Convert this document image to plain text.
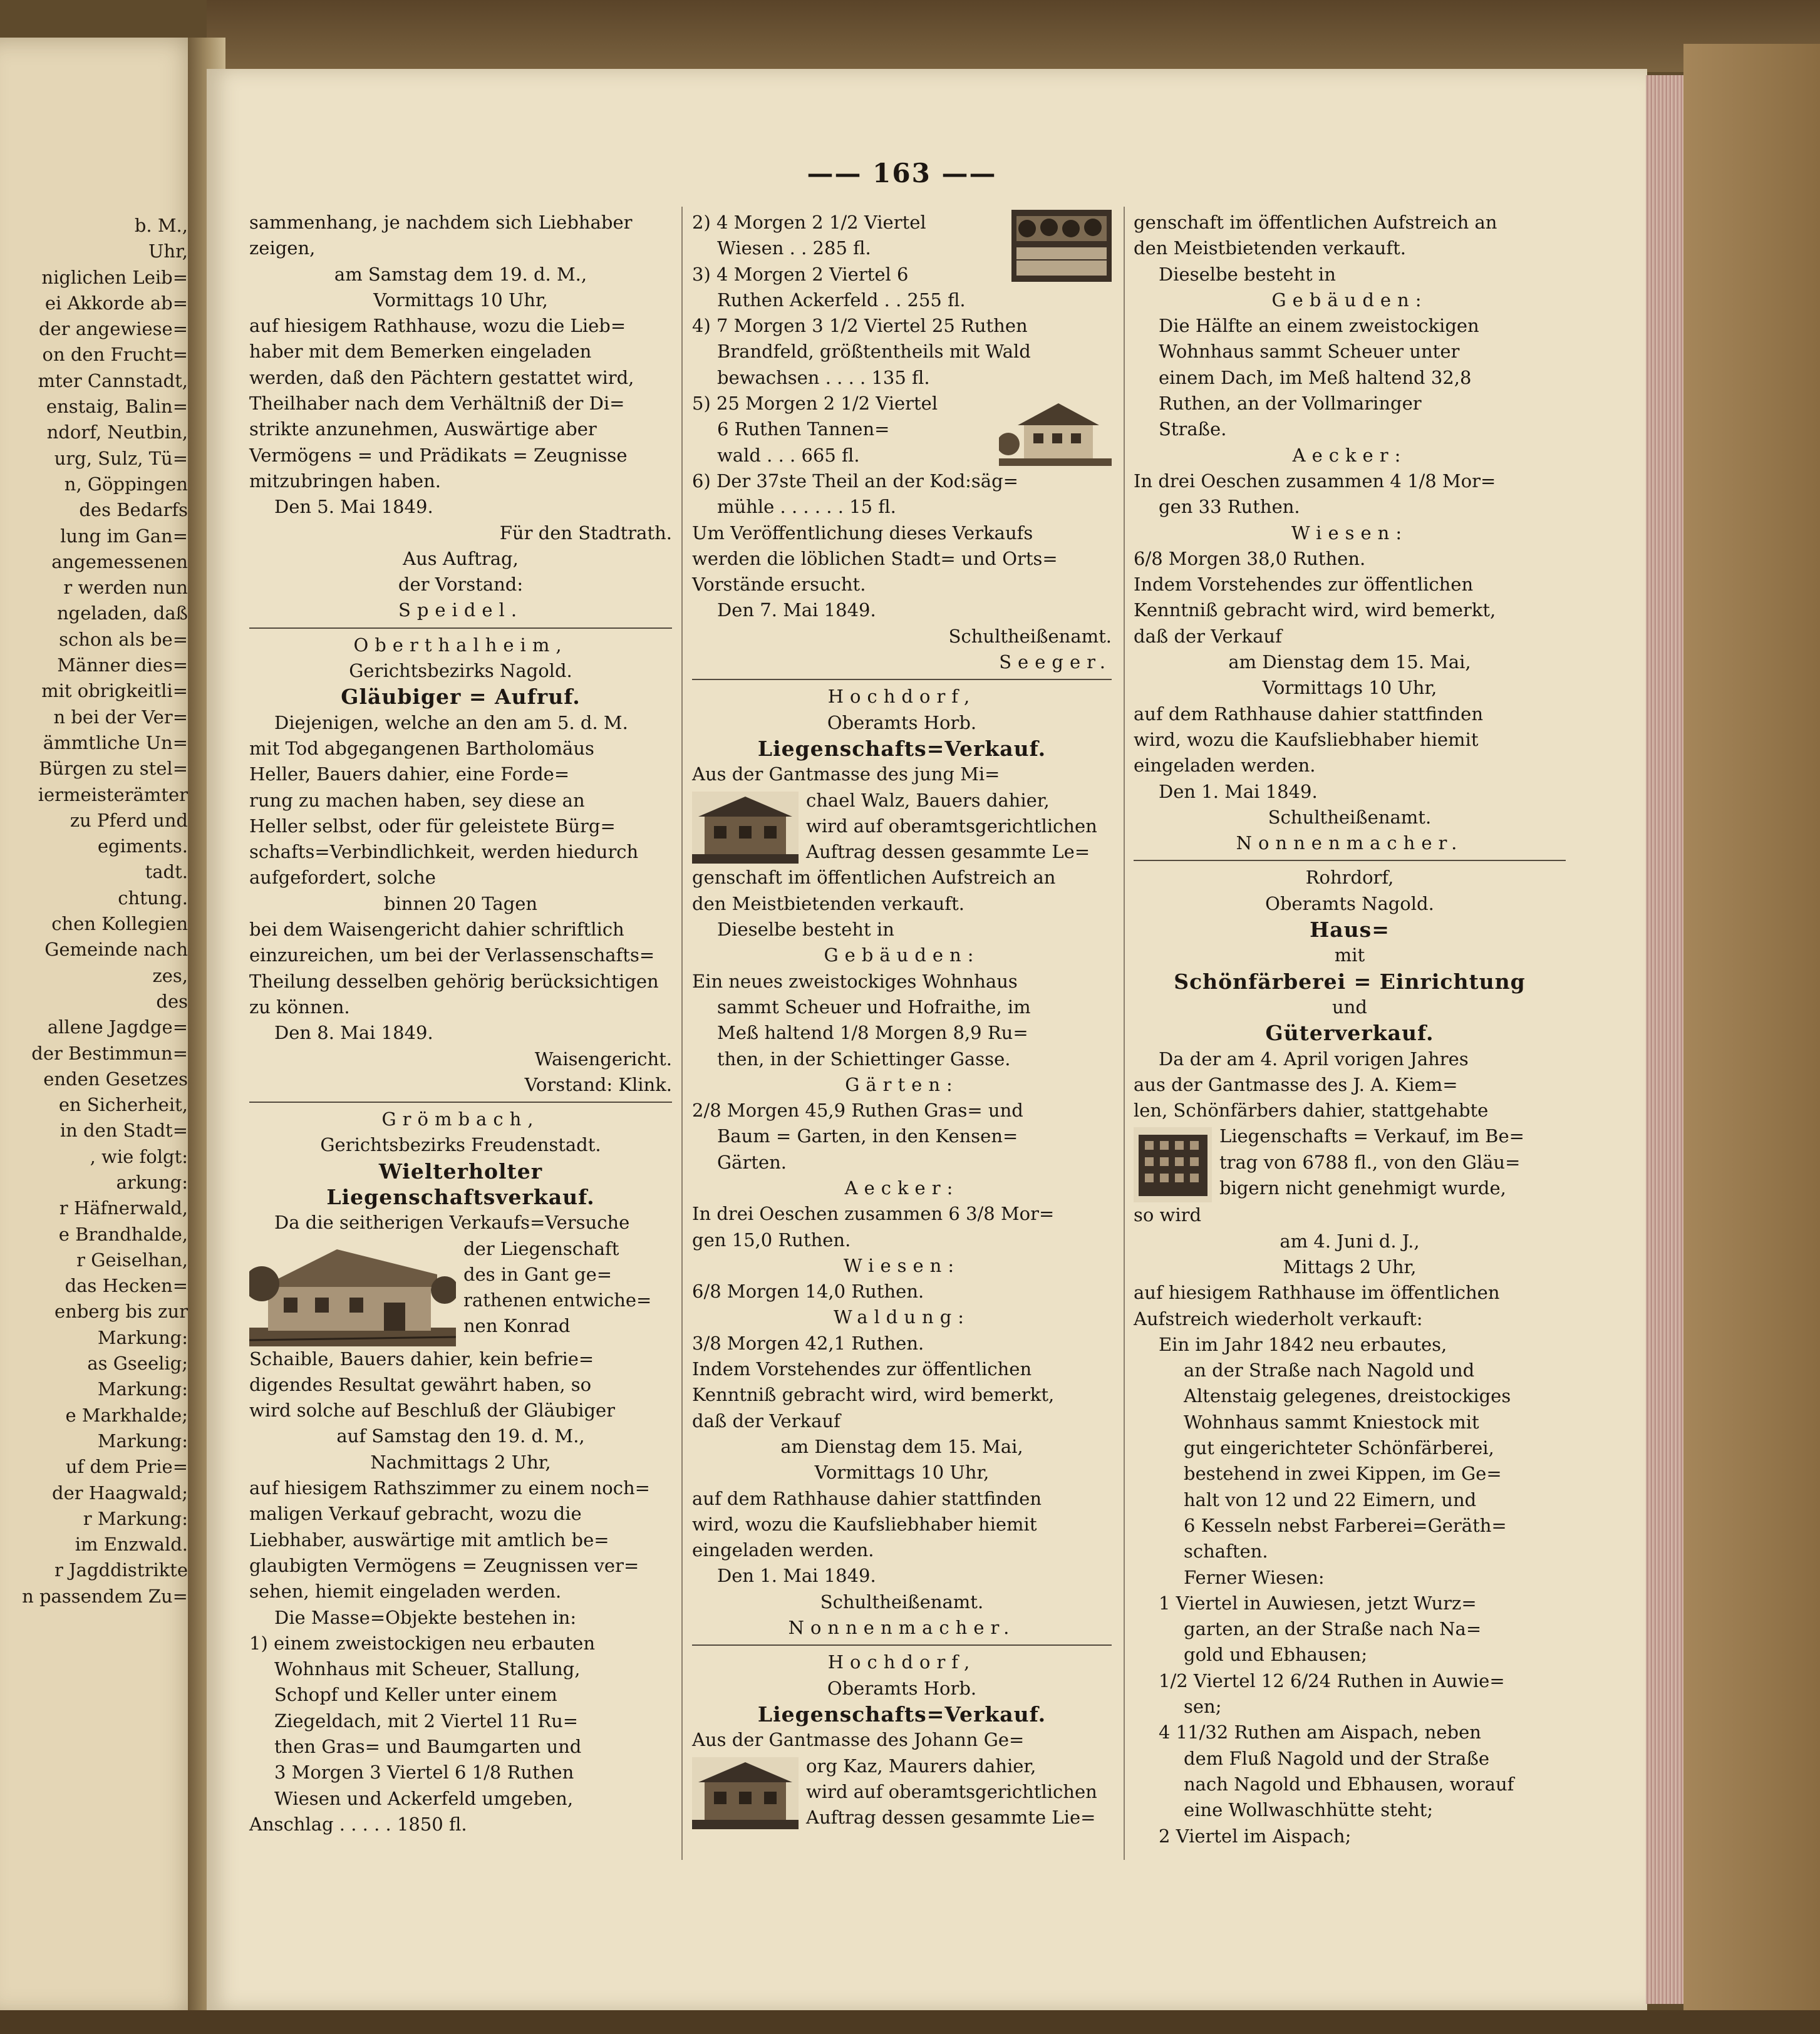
b. M.,
Uhr,
niglichen Leib=
ei Akkorde ab=
der angewiese=
on den Frucht=
mter Cannstadt,
enstaig, Balin=
ndorf, Neutbin,
urg, Sulz, Tü=
n, Göppingen
des Bedarfs
lung im Gan=
angemessenen
r werden nun
ngeladen, daß
schon als be=
Männer dies=
mit obrigkeitli=
n bei der Ver=
ämmtliche Un=
Bürgen zu stel=
iermeisterämter
zu Pferd und
egiments.
tadt.
chtung.
chen Kollegien
Gemeinde nach
zes,
des
allene Jagdge=
der Bestimmun=
enden Gesetzes
en Sicherheit,
in den Stadt=
, wie folgt:
arkung:
r Häfnerwald,
e Brandhalde,
r Geiselhan,
das Hecken=
enberg bis zur
Markung:
as Gseelig;
Markung:
e Markhalde;
Markung:
uf dem Prie=
der Haagwald;
r Markung:
im Enzwald.
r Jagddistrikte
n passendem Zu=
—— 163 ——
sammenhang, je nachdem sich Liebhaber
zeigen,
am Samstag dem 19. d. M.,
Vormittags 10 Uhr,
auf hiesigem Rathhause, wozu die Lieb=
haber mit dem Bemerken eingeladen
werden, daß den Pächtern gestattet wird,
Theilhaber nach dem Verhältniß der Di=
strikte anzunehmen, Auswärtige aber
Vermögens = und Prädikats = Zeugnisse
mitzubringen haben.
Den 5. Mai 1849.
Für den Stadtrath.
Aus Auftrag,
der Vorstand:
Speidel.
Oberthalheim,
Gerichtsbezirks Nagold.
Gläubiger = Aufruf.
Diejenigen, welche an den am 5. d. M.
mit Tod abgegangenen Bartholomäus
Heller, Bauers dahier, eine Forde=
rung zu machen haben, sey diese an
Heller selbst, oder für geleistete Bürg=
schafts=Verbindlichkeit, werden hiedurch
aufgefordert, solche
binnen 20 Tagen
bei dem Waisengericht dahier schriftlich
einzureichen, um bei der Verlassenschafts=
Theilung desselben gehörig berücksichtigen
zu können.
Den 8. Mai 1849.
Waisengericht.
Vorstand: Klink.
Grömbach,
Gerichtsbezirks Freudenstadt.
Wielterholter
Liegenschaftsverkauf.
Da die seitherigen Verkaufs=Versuche
der Liegenschaft
des in Gant ge=
rathenen entwiche=
nen Konrad
Schaible, Bauers dahier, kein befrie=
digendes Resultat gewährt haben, so
wird solche auf Beschluß der Gläubiger
auf Samstag den 19. d. M.,
Nachmittags 2 Uhr,
auf hiesigem Rathszimmer zu einem noch=
maligen Verkauf gebracht, wozu die
Liebhaber, auswärtige mit amtlich be=
glaubigten Vermögens = Zeugnissen ver=
sehen, hiemit eingeladen werden.
Die Masse=Objekte bestehen in:
1) einem zweistockigen neu erbauten
Wohnhaus mit Scheuer, Stallung,
Schopf und Keller unter einem
Ziegeldach, mit 2 Viertel 11 Ru=
then Gras= und Baumgarten und
3 Morgen 3 Viertel 6 1/8 Ruthen
Wiesen und Ackerfeld umgeben,
Anschlag . . . . . 1850 fl.
2) 4 Morgen 2 1/2 Viertel
Wiesen . . 285 fl.
3) 4 Morgen 2 Viertel 6
Ruthen Ackerfeld . . 255 fl.
4) 7 Morgen 3 1/2 Viertel 25 Ruthen
Brandfeld, größtentheils mit Wald
bewachsen . . . . 135 fl.
5) 25 Morgen 2 1/2 Viertel
6 Ruthen Tannen=
wald . . . 665 fl.
6) Der 37ste Theil an der Kod:säg=
mühle . . . . . . 15 fl.
Um Veröffentlichung dieses Verkaufs
werden die löblichen Stadt= und Orts=
Vorstände ersucht.
Den 7. Mai 1849.
Schultheißenamt.
Seeger.
Hochdorf,
Oberamts Horb.
Liegenschafts=Verkauf.
Aus der Gantmasse des jung Mi=
chael Walz, Bauers dahier,
wird auf oberamtsgerichtlichen
Auftrag dessen gesammte Le=
genschaft im öffentlichen Aufstreich an
den Meistbietenden verkauft.
Dieselbe besteht in
Gebäuden:
Ein neues zweistockiges Wohnhaus
sammt Scheuer und Hofraithe, im
Meß haltend 1/8 Morgen 8,9 Ru=
then, in der Schiettinger Gasse.
Gärten:
2/8 Morgen 45,9 Ruthen Gras= und
Baum = Garten, in den Kensen=
Gärten.
Aecker:
In drei Oeschen zusammen 6 3/8 Mor=
gen 15,0 Ruthen.
Wiesen:
6/8 Morgen 14,0 Ruthen.
Waldung:
3/8 Morgen 42,1 Ruthen.
Indem Vorstehendes zur öffentlichen
Kenntniß gebracht wird, wird bemerkt,
daß der Verkauf
am Dienstag dem 15. Mai,
Vormittags 10 Uhr,
auf dem Rathhause dahier stattfinden
wird, wozu die Kaufsliebhaber hiemit
eingeladen werden.
Den 1. Mai 1849.
Schultheißenamt.
Nonnenmacher.
Hochdorf,
Oberamts Horb.
Liegenschafts=Verkauf.
Aus der Gantmasse des Johann Ge=
org Kaz, Maurers dahier,
wird auf oberamtsgerichtlichen
Auftrag dessen gesammte Lie=
genschaft im öffentlichen Aufstreich an
den Meistbietenden verkauft.
Dieselbe besteht in
Gebäuden:
Die Hälfte an einem zweistockigen
Wohnhaus sammt Scheuer unter
einem Dach, im Meß haltend 32,8
Ruthen, an der Vollmaringer
Straße.
Aecker:
In drei Oeschen zusammen 4 1/8 Mor=
gen 33 Ruthen.
Wiesen:
6/8 Morgen 38,0 Ruthen.
Indem Vorstehendes zur öffentlichen
Kenntniß gebracht wird, wird bemerkt,
daß der Verkauf
am Dienstag dem 15. Mai,
Vormittags 10 Uhr,
auf dem Rathhause dahier stattfinden
wird, wozu die Kaufsliebhaber hiemit
eingeladen werden.
Den 1. Mai 1849.
Schultheißenamt.
Nonnenmacher.
Rohrdorf,
Oberamts Nagold.
Haus=
mit
Schönfärberei = Einrichtung
und
Güterverkauf.
Da der am 4. April vorigen Jahres
aus der Gantmasse des J. A. Kiem=
len, Schönfärbers dahier, stattgehabte
Liegenschafts = Verkauf, im Be=
trag von 6788 fl., von den Gläu=
bigern nicht genehmigt wurde,
so wird
am 4. Juni d. J.,
Mittags 2 Uhr,
auf hiesigem Rathhause im öffentlichen
Aufstreich wiederholt verkauft:
Ein im Jahr 1842 neu erbautes,
an der Straße nach Nagold und
Altenstaig gelegenes, dreistockiges
Wohnhaus sammt Kniestock mit
gut eingerichteter Schönfärberei,
bestehend in zwei Kippen, im Ge=
halt von 12 und 22 Eimern, und
6 Kesseln nebst Farberei=Geräth=
schaften.
Ferner Wiesen:
1 Viertel in Auwiesen, jetzt Wurz=
garten, an der Straße nach Na=
gold und Ebhausen;
1/2 Viertel 12 6/24 Ruthen in Auwie=
sen;
4 11/32 Ruthen am Aispach, neben
dem Fluß Nagold und der Straße
nach Nagold und Ebhausen, worauf
eine Wollwaschhütte steht;
2 Viertel im Aispach;
